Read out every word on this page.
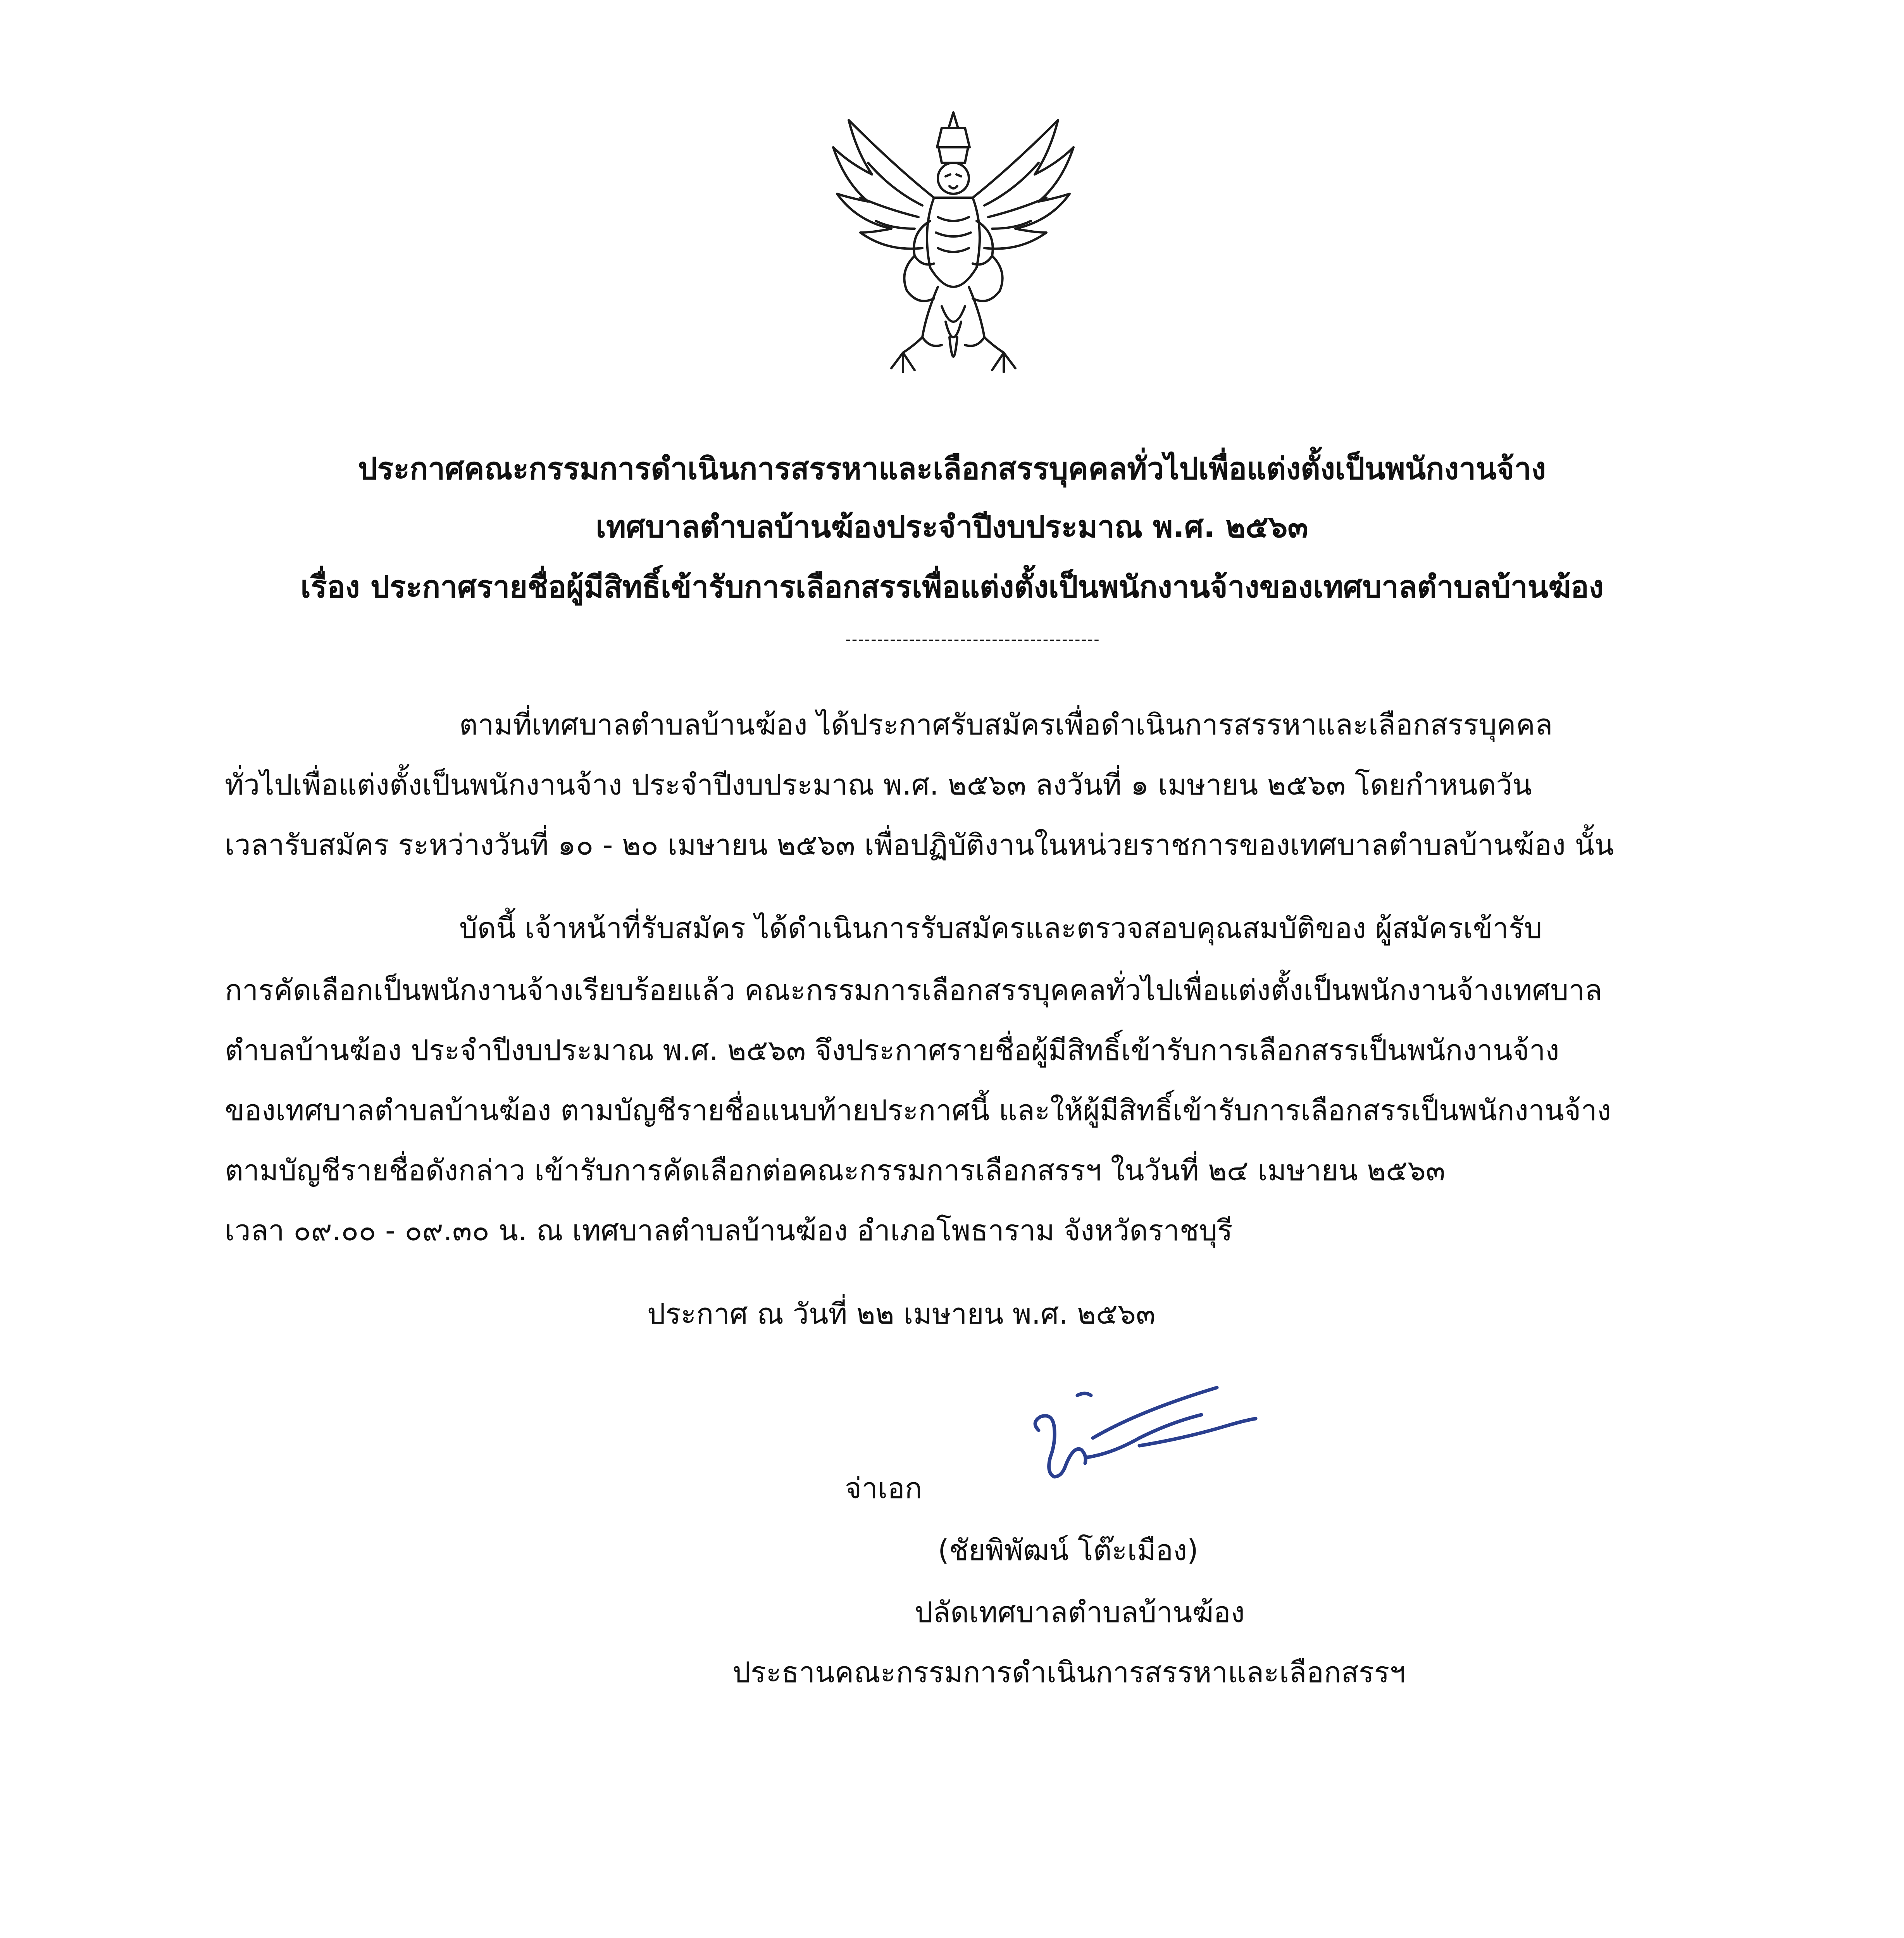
ประกาศคณะกรรมการดำเนินการสรรหาและเลือกสรรบุคคลทั่วไปเพื่อแต่งตั้งเป็นพนักงานจ้าง
เทศบาลตำบลบ้านฆ้องประจำปีงบประมาณ พ.ศ. ๒๕๖๓
เรื่อง ประกาศรายชื่อผู้มีสิทธิ์เข้ารับการเลือกสรรเพื่อแต่งตั้งเป็นพนักงานจ้างของเทศบาลตำบลบ้านฆ้อง
----------------------------------------
ตามที่เทศบาลตำบลบ้านฆ้อง ได้ประกาศรับสมัครเพื่อดำเนินการสรรหาและเลือกสรรบุคคล
ทั่วไปเพื่อแต่งตั้งเป็นพนักงานจ้าง ประจำปีงบประมาณ พ.ศ. ๒๕๖๓ ลงวันที่ ๑ เมษายน ๒๕๖๓ โดยกำหนดวัน
เวลารับสมัคร ระหว่างวันที่ ๑๐ - ๒๐ เมษายน ๒๕๖๓ เพื่อปฏิบัติงานในหน่วยราชการของเทศบาลตำบลบ้านฆ้อง นั้น
บัดนี้ เจ้าหน้าที่รับสมัคร ได้ดำเนินการรับสมัครและตรวจสอบคุณสมบัติของ ผู้สมัครเข้ารับ
การคัดเลือกเป็นพนักงานจ้างเรียบร้อยแล้ว คณะกรรมการเลือกสรรบุคคลทั่วไปเพื่อแต่งตั้งเป็นพนักงานจ้างเทศบาล
ตำบลบ้านฆ้อง ประจำปีงบประมาณ พ.ศ. ๒๕๖๓ จึงประกาศรายชื่อผู้มีสิทธิ์เข้ารับการเลือกสรรเป็นพนักงานจ้าง
ของเทศบาลตำบลบ้านฆ้อง ตามบัญชีรายชื่อแนบท้ายประกาศนี้ และให้ผู้มีสิทธิ์เข้ารับการเลือกสรรเป็นพนักงานจ้าง
ตามบัญชีรายชื่อดังกล่าว เข้ารับการคัดเลือกต่อคณะกรรมการเลือกสรรฯ ในวันที่ ๒๔ เมษายน ๒๕๖๓
เวลา ๐๙.๐๐ - ๐๙.๓๐ น. ณ เทศบาลตำบลบ้านฆ้อง อำเภอโพธาราม จังหวัดราชบุรี
ประกาศ ณ วันที่ ๒๒ เมษายน พ.ศ. ๒๕๖๓
จ่าเอก
(ชัยพิพัฒน์ โต๊ะเมือง)
ปลัดเทศบาลตำบลบ้านฆ้อง
ประธานคณะกรรมการดำเนินการสรรหาและเลือกสรรฯ
